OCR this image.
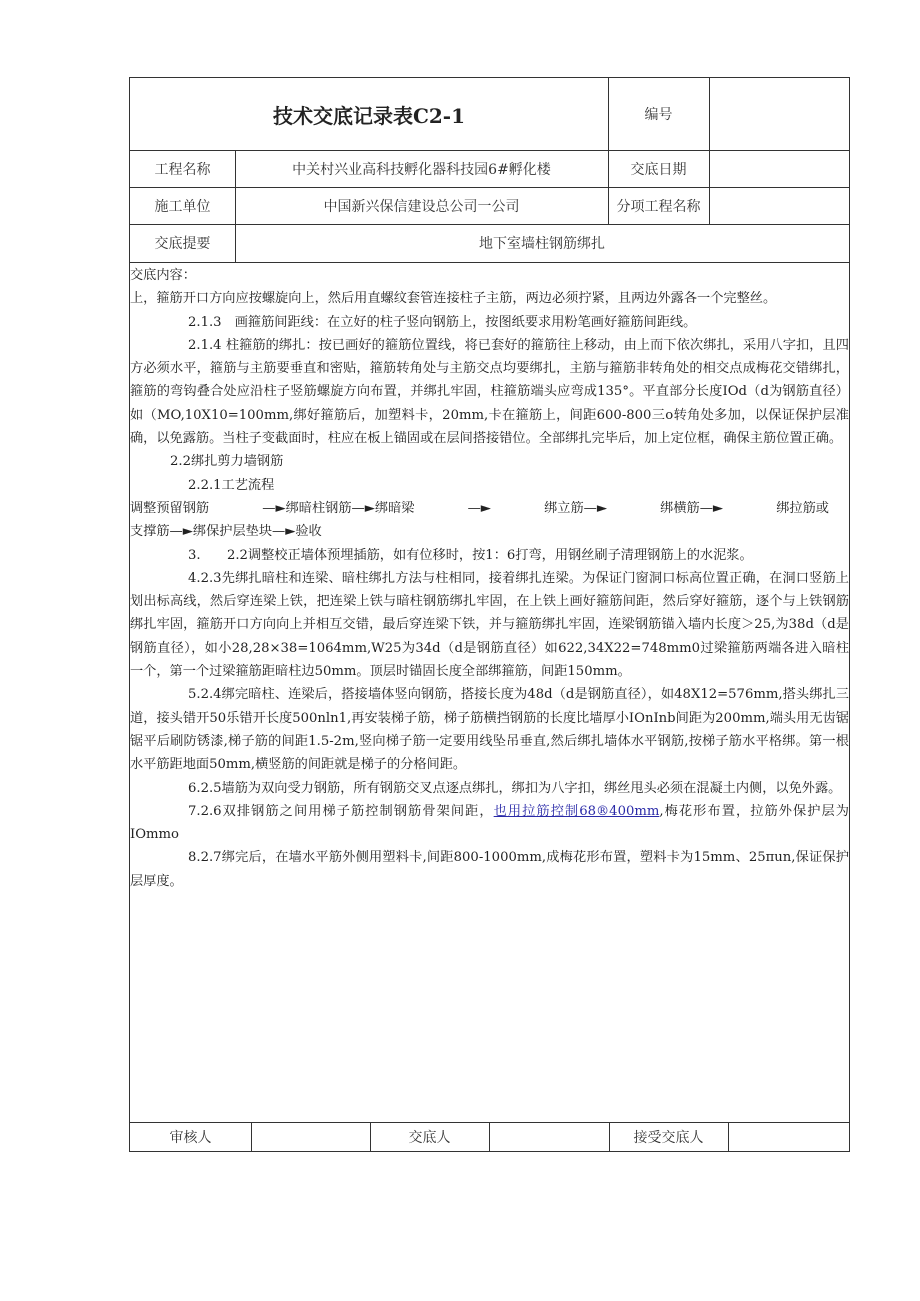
技术交底记录表C2-1	编号
工程名称	中关村兴业高科技孵化器科技园6#孵化楼	交底日期
施工单位	中国新兴保信建设总公司一公司	分项工程名称
交底提要	地下室墙柱钢筋绑扎

交底内容：

上，箍筋开口方向应按螺旋向上，然后用直螺纹套管连接柱子主筋，两边必须拧紧，且两边外露各一个完整丝。

2.1.3　画箍筋间距线：在立好的柱子竖向钢筋上，按图纸要求用粉笔画好箍筋间距线。

2.1.4 柱箍筋的绑扎：按已画好的箍筋位置线，将已套好的箍筋往上移动，由上而下依次绑扎，采用八字扣，且四方必须水平，箍筋与主筋要垂直和密贴，箍筋转角处与主筋交点均要绑扎，主筋与箍筋非转角处的相交点成梅花交错绑扎，箍筋的弯钩叠合处应沿柱子竖筋螺旋方向布置，并绑扎牢固，柱箍筋端头应弯成135°。平直部分长度IOd（d为钢筋直径）如（MO,10X10=100mm,绑好箍筋后，加塑料卡，20mm,卡在箍筋上，间距600-800三o转角处多加，以保证保护层准确，以免露筋。当柱子变截面时，柱应在板上锚固或在层间搭接错位。全部绑扎完毕后，加上定位框，确保主筋位置正确。

2.2绑扎剪力墙钢筋

2.2.1工艺流程

调整预留钢筋	—►绑暗柱钢筋—►绑暗梁	—►	绑立筋—►	绑横筋—►	绑拉筋或

支撑筋—►绑保护层垫块—►验收

3.　　2.2调整校正墙体预埋插筋，如有位移时，按1：6打弯，用钢丝刷子清理钢筋上的水泥浆。

4.2.3先绑扎暗柱和连梁、暗柱绑扎方法与柱相同，接着绑扎连梁。为保证门窗洞口标高位置正确，在洞口竖筋上划出标高线，然后穿连梁上铁，把连梁上铁与暗柱钢筋绑扎牢固，在上铁上画好箍筋间距，然后穿好箍筋，逐个与上铁钢筋绑扎牢固，箍筋开口方向向上并相互交错，最后穿连梁下铁，并与箍筋绑扎牢固，连梁钢筋锚入墙内长度＞25,为38d（d是钢筋直径），如小28,28×38=1064mm,W25为34d（d是钢筋直径）如622,34X22=748mm0过梁箍筋两端各进入暗柱一个，第一个过梁箍筋距暗柱边50mm。顶层时锚固长度全部绑箍筋，间距150mm。

5.2.4绑完暗柱、连梁后，搭接墙体竖向钢筋，搭接长度为48d（d是钢筋直径），如48X12=576mm,搭头绑扎三道，接头错开50乐错开长度500nln1,再安装梯子筋，梯子筋横挡钢筋的长度比墙厚小IOnInb间距为200mm,端头用无齿锯锯平后刷防锈漆,梯子筋的间距1.5-2m,竖向梯子筋一定要用线坠吊垂直,然后绑扎墙体水平钢筋,按梯子筋水平格绑。第一根水平筋距地面50mm,横竖筋的间距就是梯子的分格间距。

6.2.5墙筋为双向受力钢筋，所有钢筋交叉点逐点绑扎，绑扣为八字扣，绑丝甩头必须在混凝土内侧，以免外露。

7.2.6双排钢筋之间用梯子筋控制钢筋骨架间距，也用拉筋控制68®400mm,梅花形布置，拉筋外保护层为IOmmo

8.2.7绑完后，在墙水平筋外侧用塑料卡,间距800-1000mm,成梅花形布置，塑料卡为15mm、25πun,保证保护层厚度。

审核人	交底人	接受交底人
